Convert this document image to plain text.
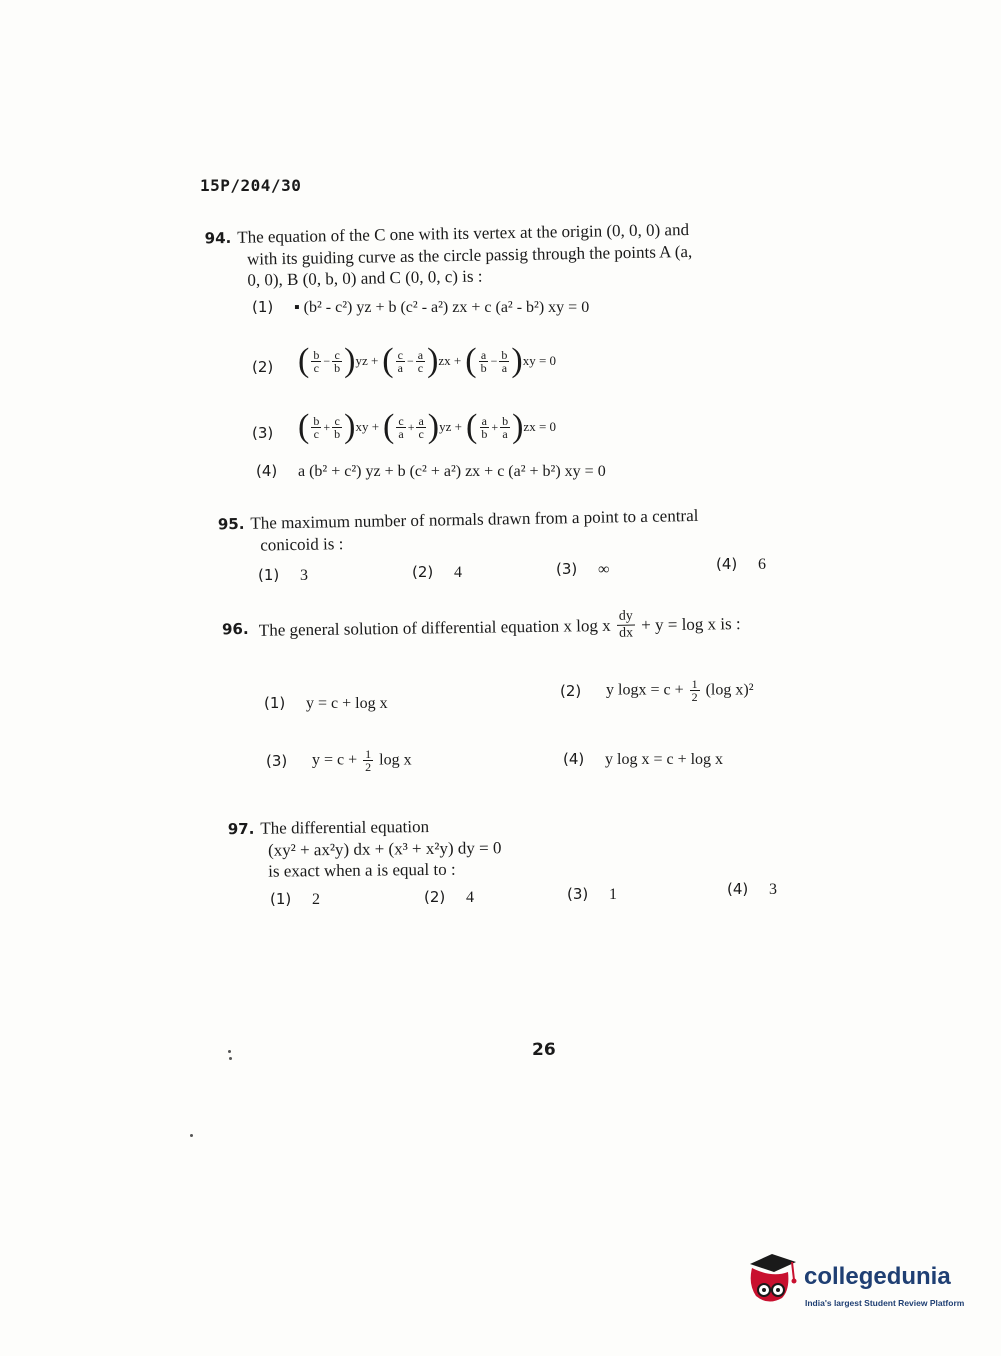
15P/204/30
94. The equation of the C one with its vertex at the origin (0, 0, 0) and
with its guiding curve as the circle passig through the points A (a,
0, 0), B (0, b, 0) and C (0, 0, c) is :
(1) ▪ (b² - c²) yz + b (c² - a²) zx + c (a² - b²) xy = 0
(2) ( $\frac{b}{c} - \frac{c}{b}$ ) yz +
( $\frac{c}{a} - \frac{a}{c}$ ) zx +
( $\frac{a}{b} - \frac{b}{a}$ ) xy = 0
(3) ( $\frac{b}{c} + \frac{c}{b}$ ) xy +
( $\frac{c}{a} + \frac{a}{c}$ ) yz +
( $\frac{a}{b} + \frac{b}{a}$ ) zx = 0
(4) a (b² + c²) yz + b (c² + a²) zx + c (a² + b²) xy = 0
95. The maximum number of normals drawn from a point to a central
conicoid is :
(1) 3	(2) 4	(3) ∞	(4) 6
96. The general solution of differential equation x log x $\frac{dy}{dx} + y = \log x$ is :
(1) y = c + log x
(2) y $\log x = c + \frac{1}{2} (\log$ x)²
(3) $y = c + \frac{1}{2}$ log x	(4) y log x = c + log x
97. The differential equation
(xy² + ax²y) dx + (x³ + x²y) dy = 0
is exact when a is equal to :
(1) 2	(2) 4	(3) 1	(4) 3
26
collegedunia
India's largest Student Review Platform
